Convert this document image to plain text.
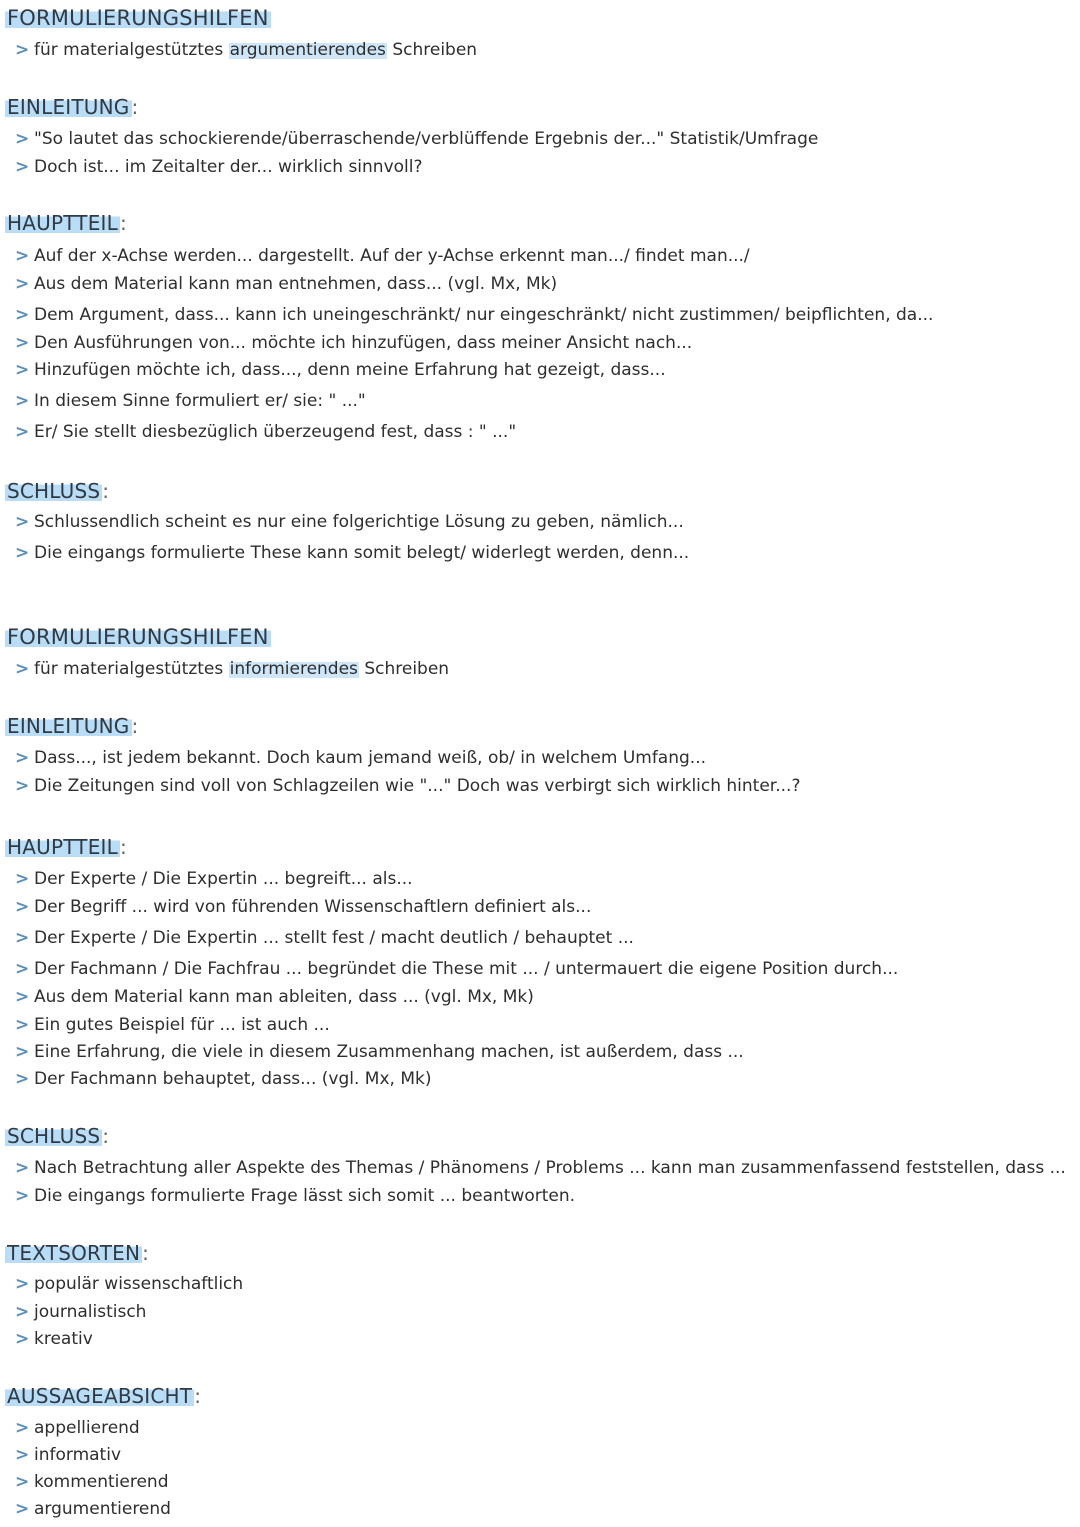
FORMULIERUNGSHILFEN
> für materialgestütztes argumentierendes Schreiben
EINLEITUNG :
> "So lautet das schockierende/überraschende/verblüffende Ergebnis der..." Statistik/Umfrage
> Doch ist... im Zeitalter der... wirklich sinnvoll?
HAUPTTEIL :
> Auf der x-Achse werden... dargestellt. Auf der y-Achse erkennt man.../ findet man.../
> Aus dem Material kann man entnehmen, dass... (vgl. Mx, Mk)
> Dem Argument, dass... kann ich uneingeschränkt/ nur eingeschränkt/ nicht zustimmen/ beipflichten, da...
> Den Ausführungen von... möchte ich hinzufügen, dass meiner Ansicht nach...
> Hinzufügen möchte ich, dass..., denn meine Erfahrung hat gezeigt, dass...
> In diesem Sinne formuliert er/ sie: " ..."
> Er/ Sie stellt diesbezüglich überzeugend fest, dass : " ..."
SCHLUSS :
> Schlussendlich scheint es nur eine folgerichtige Lösung zu geben, nämlich...
> Die eingangs formulierte These kann somit belegt/ widerlegt werden, denn...
FORMULIERUNGSHILFEN
> für materialgestütztes informierendes Schreiben
EINLEITUNG :
> Dass..., ist jedem bekannt. Doch kaum jemand weiß, ob/ in welchem Umfang...
> Die Zeitungen sind voll von Schlagzeilen wie "..." Doch was verbirgt sich wirklich hinter...?
HAUPTTEIL :
> Der Experte / Die Expertin ... begreift... als...
> Der Begriff ... wird von führenden Wissenschaftlern definiert als...
> Der Experte / Die Expertin ... stellt fest / macht deutlich / behauptet ...
> Der Fachmann / Die Fachfrau ... begründet die These mit ... / untermauert die eigene Position durch...
> Aus dem Material kann man ableiten, dass ... (vgl. Mx, Mk)
> Ein gutes Beispiel für ... ist auch ...
> Eine Erfahrung, die viele in diesem Zusammenhang machen, ist außerdem, dass ...
> Der Fachmann behauptet, dass... (vgl. Mx, Mk)
SCHLUSS :
> Nach Betrachtung aller Aspekte des Themas / Phänomens / Problems ... kann man zusammenfassend feststellen, dass ...
> Die eingangs formulierte Frage lässt sich somit ... beantworten.
TEXTSORTEN :
> populär wissenschaftlich
> journalistisch
> kreativ
AUSSAGEABSICHT :
> appellierend
> informativ
> kommentierend
> argumentierend
